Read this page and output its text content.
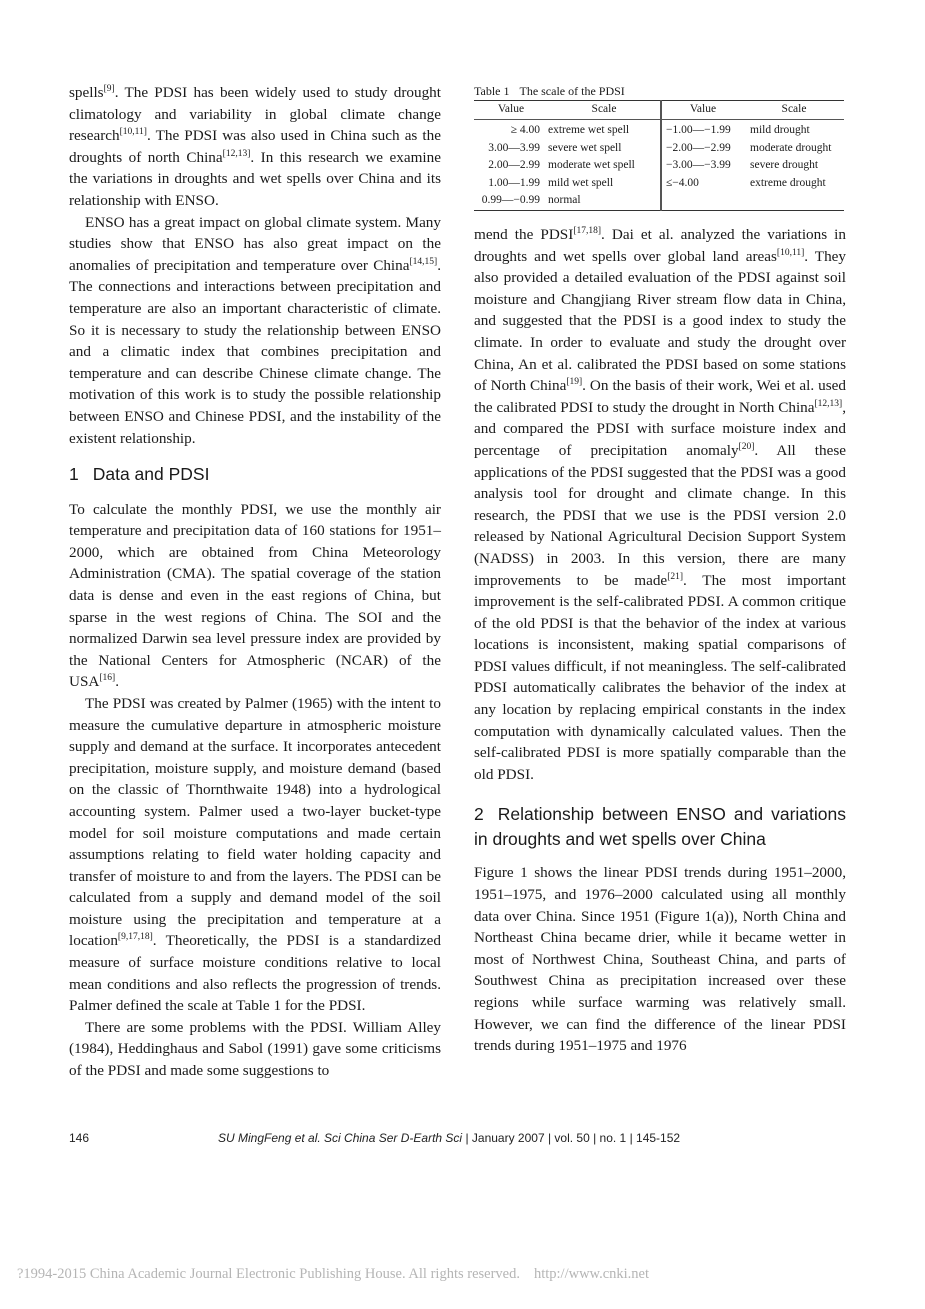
spells[9]. The PDSI has been widely used to study drought climatology and variability in global climate change research[10,11]. The PDSI was also used in China such as the droughts of north China[12,13]. In this research we examine the variations in droughts and wet spells over China and its relationship with ENSO.

ENSO has a great impact on global climate system. Many studies show that ENSO has also great impact on the anomalies of precipitation and temperature over China[14,15]. The connections and interactions between precipitation and temperature are also an important characteristic of climate. So it is necessary to study the relationship between ENSO and a climatic index that combines precipitation and temperature and can describe Chinese climate change. The motivation of this work is to study the possible relationship between ENSO and Chinese PDSI, and the instability of the existent relationship.

1 Data and PDSI

To calculate the monthly PDSI, we use the monthly air temperature and precipitation data of 160 stations for 1951–2000, which are obtained from China Meteorology Administration (CMA). The spatial coverage of the station data is dense and even in the east regions of China, but sparse in the west regions of China. The SOI and the normalized Darwin sea level pressure index are provided by the National Centers for Atmospheric (NCAR) of the USA[16].

The PDSI was created by Palmer (1965) with the intent to measure the cumulative departure in atmospheric moisture supply and demand at the surface. It incorporates antecedent precipitation, moisture supply, and moisture demand (based on the classic of Thornthwaite 1948) into a hydrological accounting system. Palmer used a two-layer bucket-type model for soil moisture computations and made certain assumptions relating to field water holding capacity and transfer of moisture to and from the layers. The PDSI can be calculated from a supply and demand model of the soil moisture using the precipitation and temperature at a location[9,17,18]. Theoretically, the PDSI is a standardized measure of surface moisture conditions relative to local mean conditions and also reflects the progression of trends. Palmer defined the scale at Table 1 for the PDSI.

There are some problems with the PDSI. William Alley (1984), Heddinghaus and Sabol (1991) gave some criticisms of the PDSI and made some suggestions to

Table 1 The scale of the PDSI
Value	Scale	Value	Scale
≥ 4.00	extreme wet spell	−1.00—−1.99	mild drought
3.00—3.99	severe wet spell	−2.00—−2.99	moderate drought
2.00—2.99	moderate wet spell	−3.00—−3.99	severe drought
1.00—1.99	mild wet spell	≤−4.00	extreme drought
0.99—−0.99	normal		

mend the PDSI[17,18]. Dai et al. analyzed the variations in droughts and wet spells over global land areas[10,11]. They also provided a detailed evaluation of the PDSI against soil moisture and Changjiang River stream flow data in China, and suggested that the PDSI is a good index to study the climate. In order to evaluate and study the drought over China, An et al. calibrated the PDSI based on some stations of North China[19]. On the basis of their work, Wei et al. used the calibrated PDSI to study the drought in North China[12,13], and compared the PDSI with surface moisture index and percentage of precipitation anomaly[20]. All these applications of the PDSI suggested that the PDSI was a good analysis tool for drought and climate change. In this research, the PDSI that we use is the PDSI version 2.0 released by National Agricultural Decision Support System (NADSS) in 2003. In this version, there are many improvements to be made[21]. The most important improvement is the self-calibrated PDSI. A common critique of the old PDSI is that the behavior of the index at various locations is inconsistent, making spatial comparisons of PDSI values difficult, if not meaningless. The self-calibrated PDSI automatically calibrates the behavior of the index at any location by replacing empirical constants in the index computation with dynamically calculated values. Then the self-calibrated PDSI is more spatially comparable than the old PDSI.

2 Relationship between ENSO and variations in droughts and wet spells over China

Figure 1 shows the linear PDSI trends during 1951–2000, 1951–1975, and 1976–2000 calculated using all monthly data over China. Since 1951 (Figure 1(a)), North China and Northeast China became drier, while it became wetter in most of Northwest China, Southeast China, and parts of Southwest China as precipitation increased over these regions while surface warming was relatively small. However, we can find the difference of the linear PDSI trends during 1951–1975 and 1976

146	SU MingFeng et al. Sci China Ser D-Earth Sci | January 2007 | vol. 50 | no. 1 | 145-152
?1994-2015 China Academic Journal Electronic Publishing House. All rights reserved. http://www.cnki.net
